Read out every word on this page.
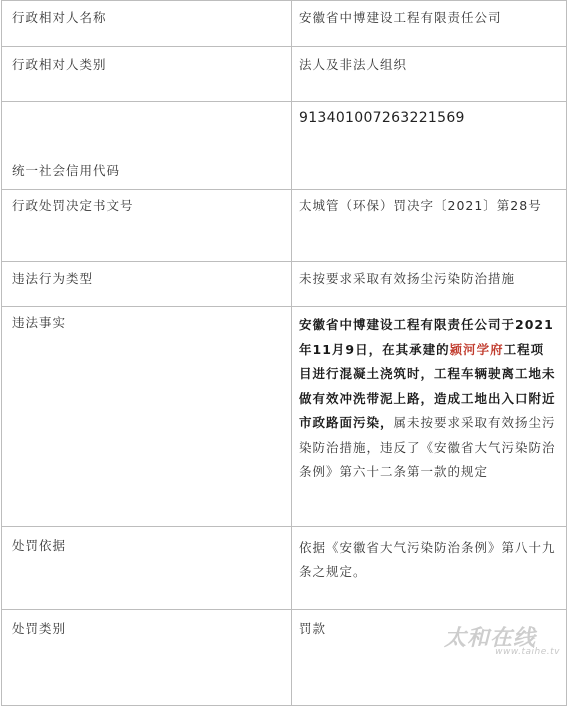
行政相对人名称	安徽省中博建设工程有限责任公司
行政相对人类别	法人及非法人组织
统一社会信用代码	913401007263221569
行政处罚决定书文号	太城管（环保）罚决字〔2021〕第28号
违法行为类型	未按要求采取有效扬尘污染防治措施
违法事实	安徽省中博建设工程有限责任公司于2021年11月9日，在其承建的颍河学府工程项目进行混凝土浇筑时，工程车辆驶离工地未做有效冲洗带泥上路，造成工地出入口附近市政路面污染，属未按要求采取有效扬尘污染防治措施，违反了《安徽省大气污染防治条例》第六十二条第一款的规定
处罚依据	依据《安徽省大气污染防治条例》第八十九条之规定。
处罚类别	罚款	太和在线
www.taihe.tv
